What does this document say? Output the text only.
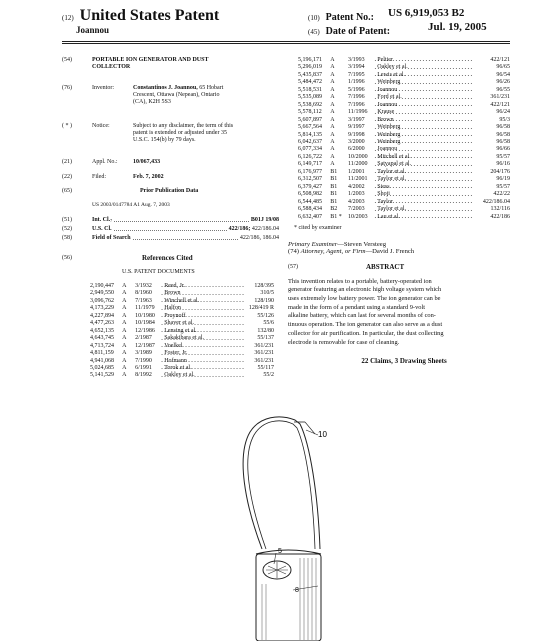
(12) United States Patent
Joannou
(10) Patent No.: US 6,919,053 B2
(45) Date of Patent:	Jul. 19, 2005
(54)	PORTABLE ION GENERATOR AND DUST
COLLECTOR
(76)	Inventor:	Constantinos J. Joannou, 65 Hobart
Crescent, Ottawa (Nepean), Ontario
(CA), K2H 5S3
( * )	Notice:	Subject to any disclaimer, the term of this
patent is extended or adjusted under 35
U.S.C. 154(b) by 79 days.
(21)	Appl. No.:	10/067,433
(22)	Filed:	Feb. 7, 2002
(65)	Prior Publication Data
US 2003/0147784 A1 Aug. 7, 2003
(51)	Int. Cl. 7	B01J 19/08
(52)	U.S. Cl.	422/186;
422/186.04
(58)	Field of Search	422/186, 186.04
(56)	References Cited
U.S. PATENT DOCUMENTS
2,190,447	A	3/1932	Reed, Jr.	128/395
2,949,550	A	8/1960	Brown	310/5
3,096,762	A	7/1963	Winchell et al.	128/190
4,173,229	A	11/1979	Halfon	128/419 R
4,227,894	A	10/1980	Proynoff	55/126
4,477,263	A	10/1984	Shaver et al.	55/6
4,652,135	A	12/1986	Lensing et al.	132/80
4,643,745	A	2/1987	Sakakibara et al.	55/137
4,713,724	A	12/1987	Voelkel	361/231
4,811,159	A	3/1989	Foster, Jr.	361/231
4,941,068	A	7/1990	Hofmann	361/231
5,024,685	A	6/1991	Torok et al.	55/117
5,141,529	A	8/1992	Oakley et al.	55/2
5,196,171	A	3/1993	Peltier	422/121
5,296,019	A	3/1994	Oakley et al.	96/65
5,435,837	A	7/1995	Lewis et al.	96/54
5,484,472	A	1/1996	Weinberg	96/26
5,518,531	A	5/1996	Joannou	96/55
5,535,089	A	7/1996	Ford et al.	361/231
5,538,692	A	7/1996	Joannou	422/121
5,578,112	A	11/1996	Krause	96/24
5,607,897	A	3/1997	Brown	95/3
5,667,564	A	9/1997	Weinberg	96/58
5,814,135	A	9/1998	Weinberg	96/58
6,042,637	A	3/2000	Weinberg	96/58
6,077,334	A	6/2000	Joannou	96/66
6,126,722	A	10/2000	Mitchell et al.	95/57
6,149,717	A	11/2000	Satyapal et al.	96/16
6,176,977	B1	1/2001	Taylor et al.	204/176
6,312,507	B1	11/2001	Taylor et al.	96/19
6,379,427	B1	4/2002	Siess	95/57
6,508,982	B1	1/2003	Shoji	422/22
6,544,485	B1	4/2003	Taylor	422/186.04
6,588,434	B2	7/2003	Taylor et al.	132/116
6,632,407	B1 *	10/2003	Lau et al.	422/186
* cited by examiner
Primary Examiner—Steven Versteeg
(74) Attorney, Agent, or Firm—David J. French
(57)	ABSTRACT
This invention relates to a portable, battery-operated ion
generator featuring an electronic high voltage system which
uses extremely low battery power. The ion generator can be
made in the form of a pendant using a standard 9-volt
alkaline battery, which can last for several months of con-
tinuous operation. The ion generator can also serve as a dust
collector for air purification. In particular, the dust collecting
electrode is removable for case of cleaning.
22 Claims, 3 Drawing Sheets
10
5
8
